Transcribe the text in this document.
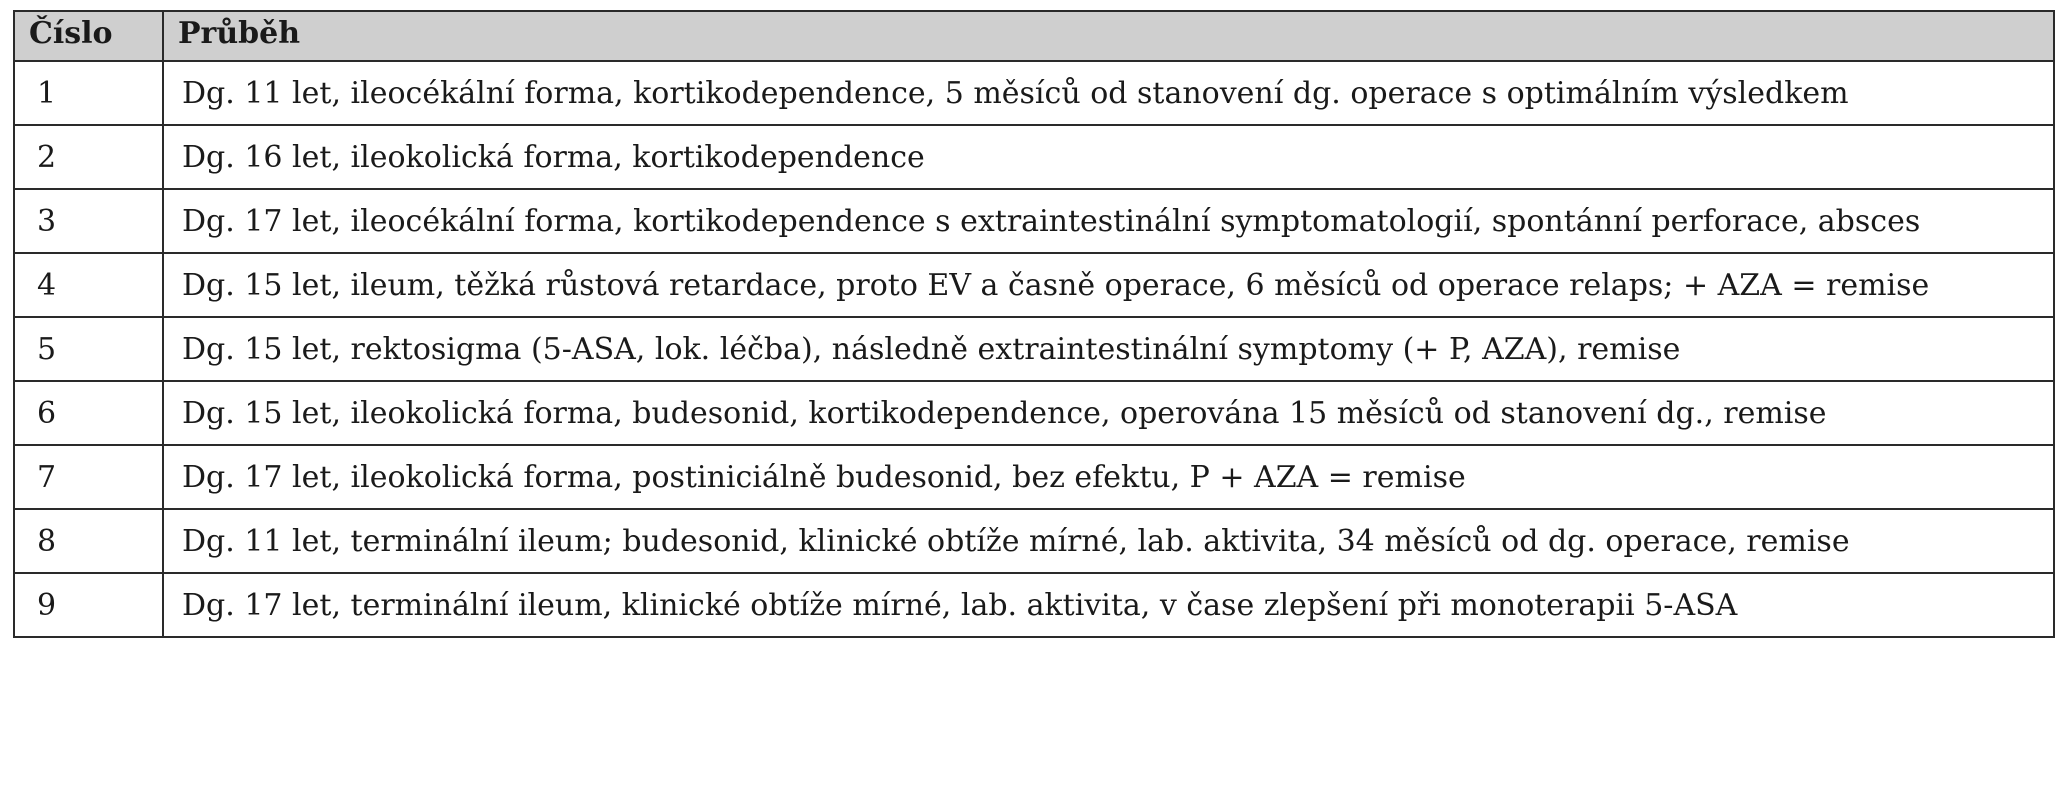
Číslo	Průběh
1	Dg. 11 let, ileocékální forma, kortikodependence, 5 měsíců od stanovení dg. operace s optimálním výsledkem
2	Dg. 16 let, ileokolická forma, kortikodependence
3	Dg. 17 let, ileocékální forma, kortikodependence s extraintestinální symptomatologií, spontánní perforace, absces
4	Dg. 15 let, ileum, těžká růstová retardace, proto EV a časně operace, 6 měsíců od operace relaps; + AZA = remise
5	Dg. 15 let, rektosigma (5-ASA, lok. léčba), následně extraintestinální symptomy (+ P, AZA), remise
6	Dg. 15 let, ileokolická forma, budesonid, kortikodependence, operována 15 měsíců od stanovení dg., remise
7	Dg. 17 let, ileokolická forma, postiniciálně budesonid, bez efektu, P + AZA = remise
8	Dg. 11 let, terminální ileum; budesonid, klinické obtíže mírné, lab. aktivita, 34 měsíců od dg. operace, remise
9	Dg. 17 let, terminální ileum, klinické obtíže mírné, lab. aktivita, v čase zlepšení při monoterapii 5-ASA
